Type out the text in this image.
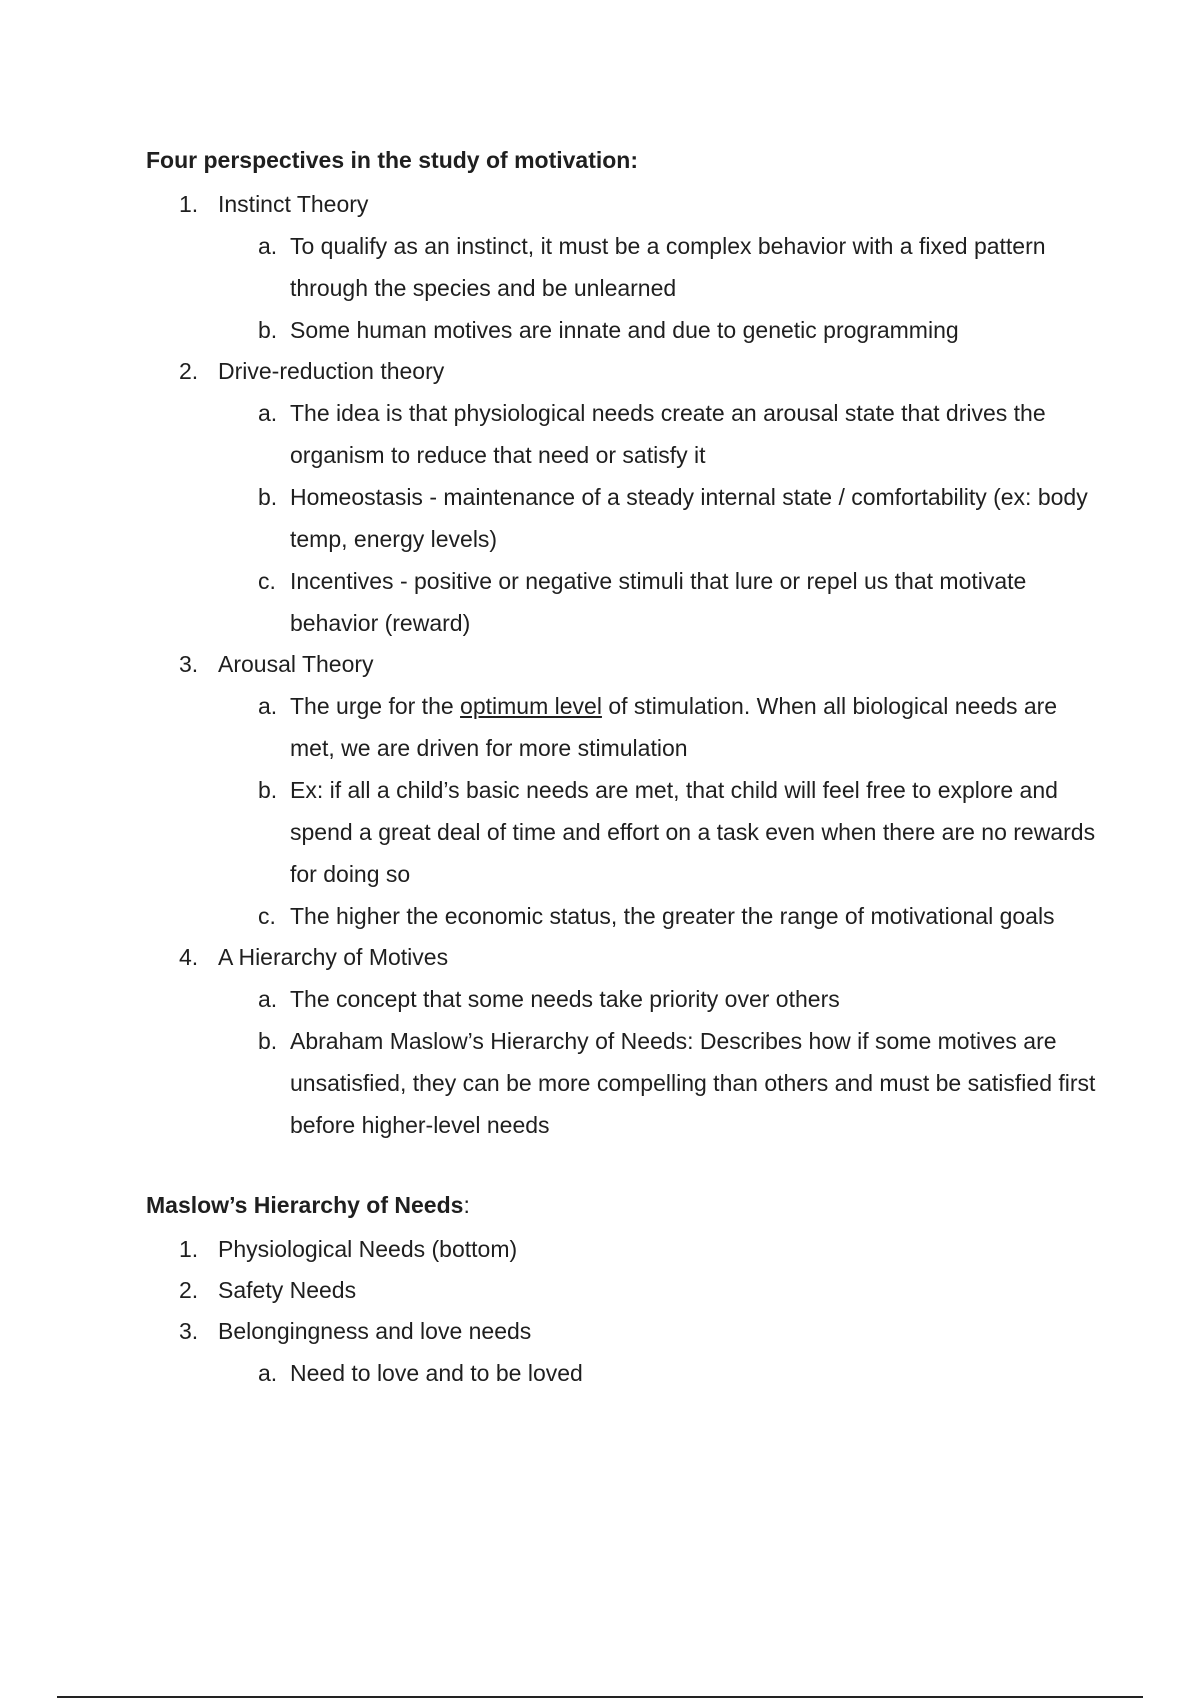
Four perspectives in the study of motivation:
1. Instinct Theory
a. To qualify as an instinct, it must be a complex behavior with a fixed pattern through the species and be unlearned
b. Some human motives are innate and due to genetic programming
2. Drive-reduction theory
a. The idea is that physiological needs create an arousal state that drives the organism to reduce that need or satisfy it
b. Homeostasis - maintenance of a steady internal state / comfortability (ex: body temp, energy levels)
c. Incentives - positive or negative stimuli that lure or repel us that motivate behavior (reward)
3. Arousal Theory
a. The urge for the optimum level of stimulation. When all biological needs are met, we are driven for more stimulation
b. Ex: if all a child’s basic needs are met, that child will feel free to explore and spend a great deal of time and effort on a task even when there are no rewards for doing so
c. The higher the economic status, the greater the range of motivational goals
4. A Hierarchy of Motives
a. The concept that some needs take priority over others
b. Abraham Maslow’s Hierarchy of Needs: Describes how if some motives are unsatisfied, they can be more compelling than others and must be satisfied first before higher-level needs
Maslow’s Hierarchy of Needs:
1. Physiological Needs (bottom)
2. Safety Needs
3. Belongingness and love needs
a. Need to love and to be loved
